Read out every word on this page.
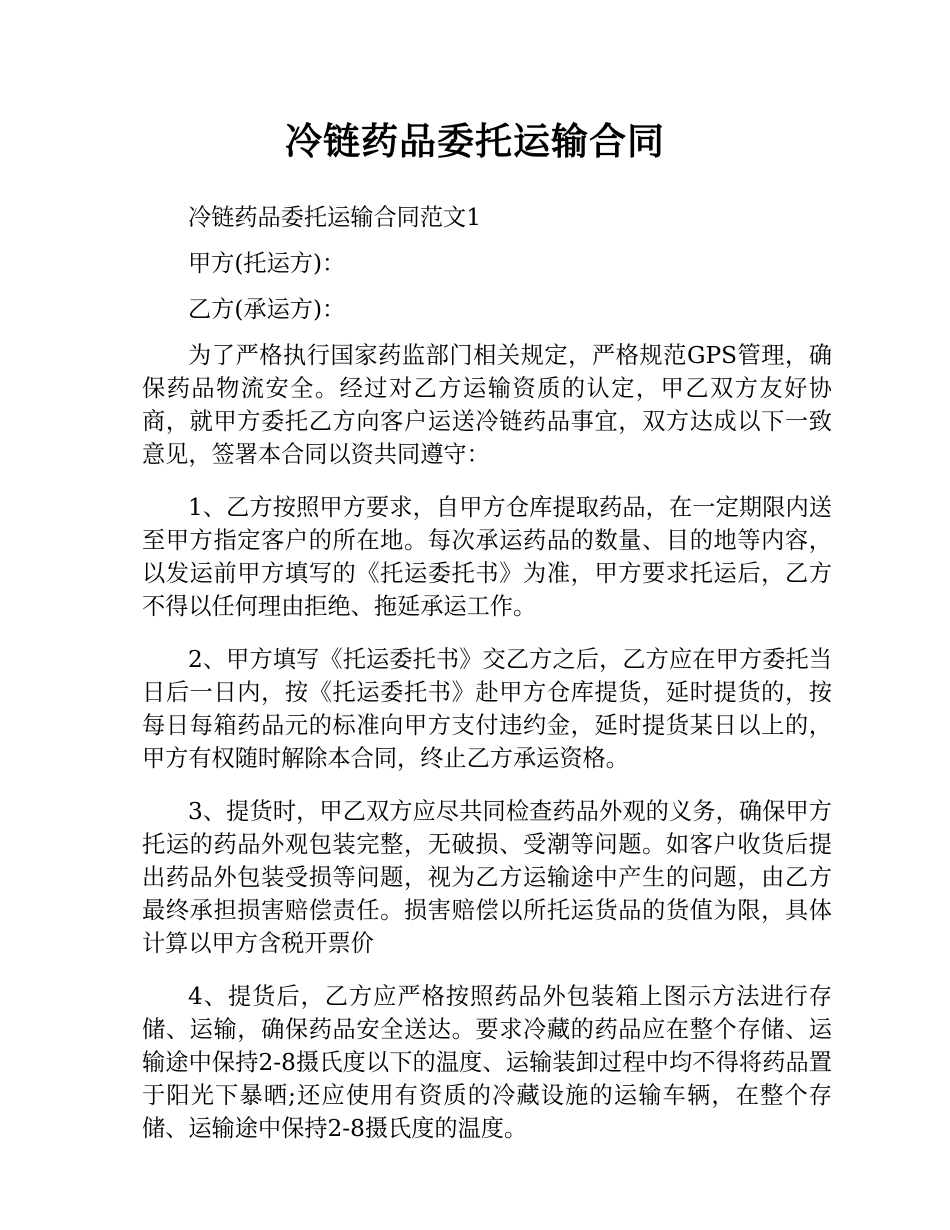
冷链药品委托运输合同

冷链药品委托运输合同范文1

甲方(托运方)：

乙方(承运方)：

为了严格执行国家药监部门相关规定，严格规范GPS管理，确保药品物流安全。经过对乙方运输资质的认定，甲乙双方友好协商，就甲方委托乙方向客户运送冷链药品事宜，双方达成以下一致意见，签署本合同以资共同遵守：

1、乙方按照甲方要求，自甲方仓库提取药品，在一定期限内送至甲方指定客户的所在地。每次承运药品的数量、目的地等内容，以发运前甲方填写的《托运委托书》为准，甲方要求托运后，乙方不得以任何理由拒绝、拖延承运工作。

2、甲方填写《托运委托书》交乙方之后，乙方应在甲方委托当日后一日内，按《托运委托书》赴甲方仓库提货，延时提货的，按每日每箱药品元的标准向甲方支付违约金，延时提货某日以上的，甲方有权随时解除本合同，终止乙方承运资格。

3、提货时，甲乙双方应尽共同检查药品外观的义务，确保甲方托运的药品外观包装完整，无破损、受潮等问题。如客户收货后提出药品外包装受损等问题，视为乙方运输途中产生的问题，由乙方最终承担损害赔偿责任。损害赔偿以所托运货品的货值为限，具体计算以甲方含税开票价

4、提货后，乙方应严格按照药品外包装箱上图示方法进行存储、运输，确保药品安全送达。要求冷藏的药品应在整个存储、运输途中保持2-8摄氏度以下的温度、运输装卸过程中均不得将药品置于阳光下暴晒;还应使用有资质的冷藏设施的运输车辆，在整个存储、运输途中保持2-8摄氏度的温度。
